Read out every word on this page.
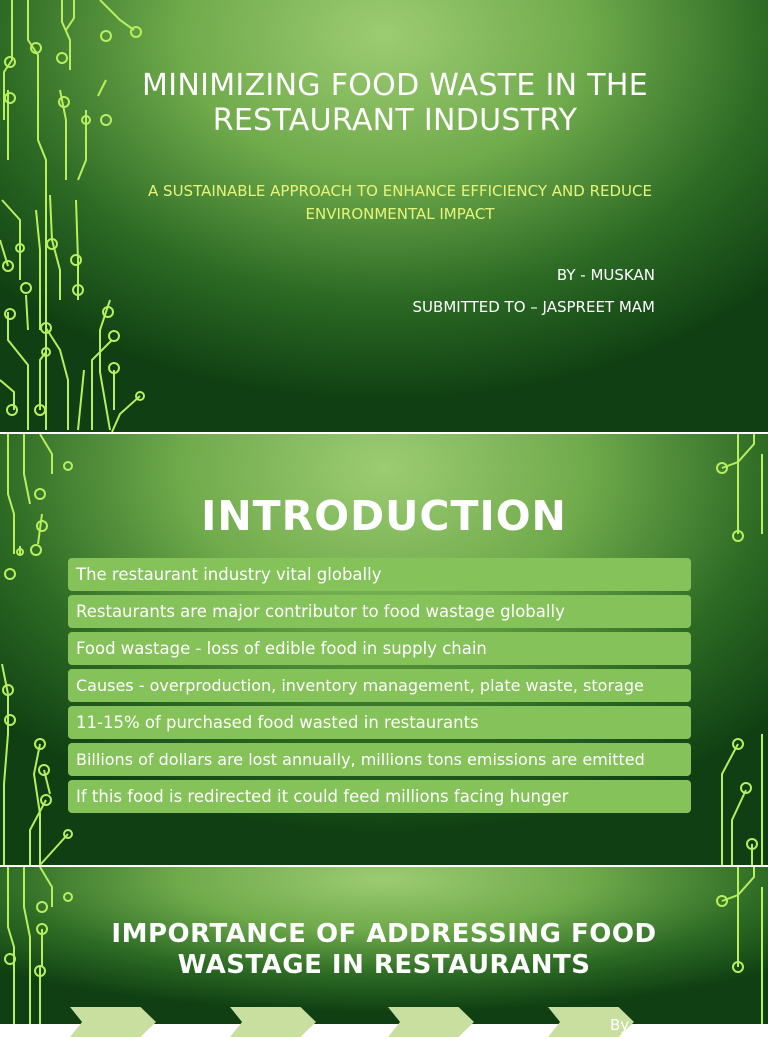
MINIMIZING FOOD WASTE IN THE RESTAURANT INDUSTRY
A SUSTAINABLE APPROACH TO ENHANCE EFFICIENCY AND REDUCE ENVIRONMENTAL IMPACT
BY - MUSKAN
SUBMITTED TO – JASPREET MAM
INTRODUCTION
The restaurant industry vital globally
Restaurants are major contributor to food wastage globally
Food wastage - loss of edible food in supply chain
Causes - overproduction, inventory management, plate waste, storage
11-15% of purchased food wasted in restaurants
Billions of dollars are lost annually, millions tons emissions are emitted
If this food is redirected it could feed millions facing hunger
IMPORTANCE OF ADDRESSING FOOD WASTAGE IN RESTAURANTS
By
